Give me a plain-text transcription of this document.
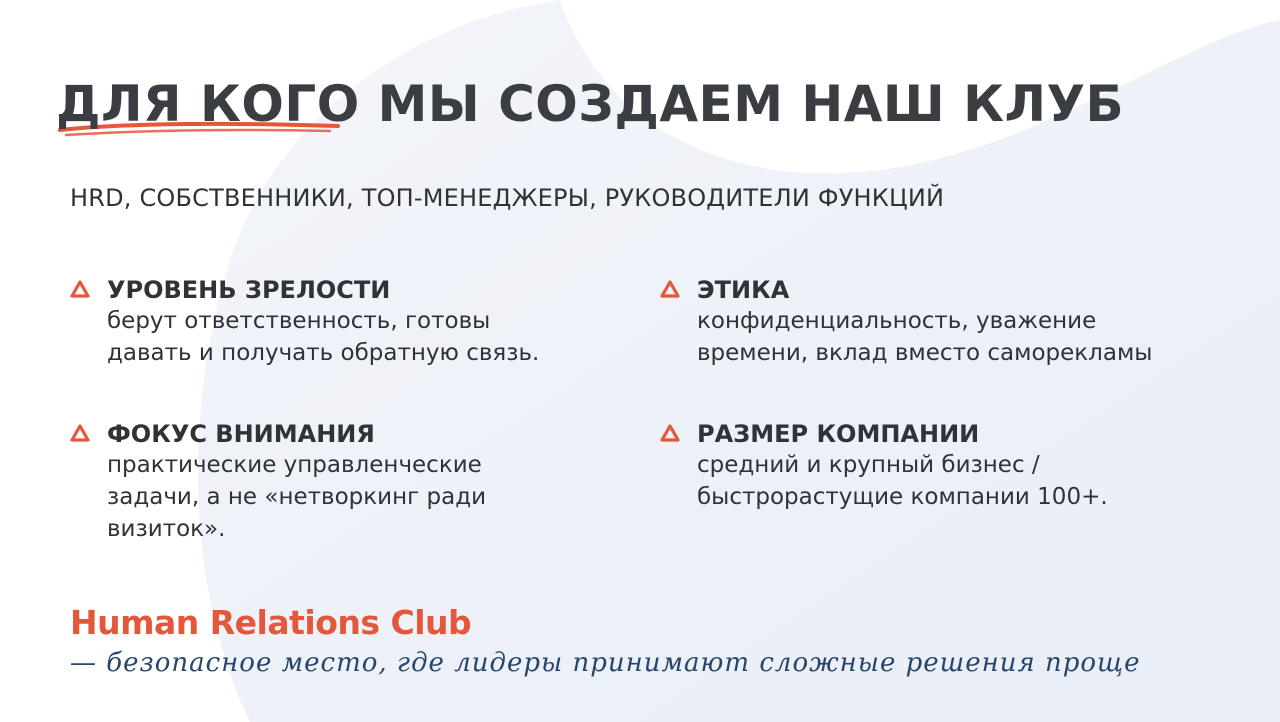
ДЛЯ КОГО МЫ СОЗДАЕМ НАШ КЛУБ
HRD, СОБСТВЕННИКИ, ТОП-МЕНЕДЖЕРЫ, РУКОВОДИТЕЛИ ФУНКЦИЙ
УРОВЕНЬ ЗРЕЛОСТИ
берут ответственность, готовы
давать и получать обратную связь.
ЭТИКА
конфиденциальность, уважение
времени, вклад вместо саморекламы
ФОКУС ВНИМАНИЯ
практические управленческие
задачи, а не «нетворкинг ради
визиток».
РАЗМЕР КОМПАНИИ
средний и крупный бизнес /
быстрорастущие компании 100+.
Human Relations Club
— безопасное место, где лидеры принимают сложные решения проще
